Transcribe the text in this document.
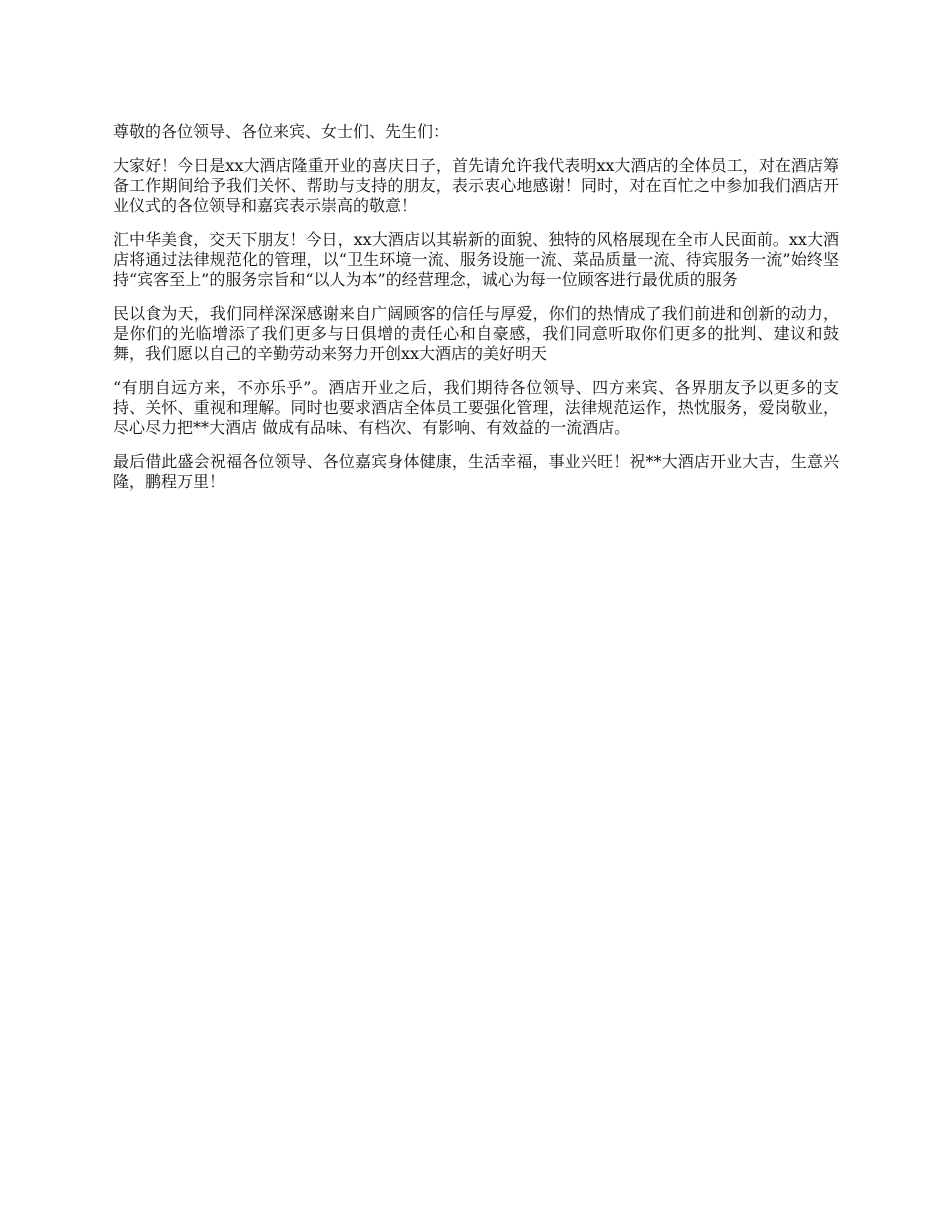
尊敬的各位领导、各位来宾、女士们、先生们：

大家好！今日是xx大酒店隆重开业的喜庆日子，首先请允许我代表明xx大酒店的全体员工，对在酒店筹备工作期间给予我们关怀、帮助与支持的朋友，表示衷心地感谢！同时，对在百忙之中参加我们酒店开业仪式的各位领导和嘉宾表示崇高的敬意！

汇中华美食，交天下朋友！今日，xx大酒店以其崭新的面貌、独特的风格展现在全市人民面前。xx大酒店将通过法律规范化的管理，以“卫生环境一流、服务设施一流、菜品质量一流、待宾服务一流”始终坚持“宾客至上”的服务宗旨和“以人为本”的经营理念，诚心为每一位顾客进行最优质的服务

民以食为天，我们同样深深感谢来自广阔顾客的信任与厚爱，你们的热情成了我们前进和创新的动力，是你们的光临增添了我们更多与日俱增的责任心和自豪感，我们同意听取你们更多的批判、建议和鼓舞，我们愿以自己的辛勤劳动来努力开创xx大酒店的美好明天

“有朋自远方来，不亦乐乎”。酒店开业之后，我们期待各位领导、四方来宾、各界朋友予以更多的支持、关怀、重视和理解。同时也要求酒店全体员工要强化管理，法律规范运作，热忱服务，爱岗敬业，尽心尽力把**大酒店 做成有品味、有档次、有影响、有效益的一流酒店。

最后借此盛会祝福各位领导、各位嘉宾身体健康，生活幸福，事业兴旺！祝**大酒店开业大吉，生意兴隆，鹏程万里！
